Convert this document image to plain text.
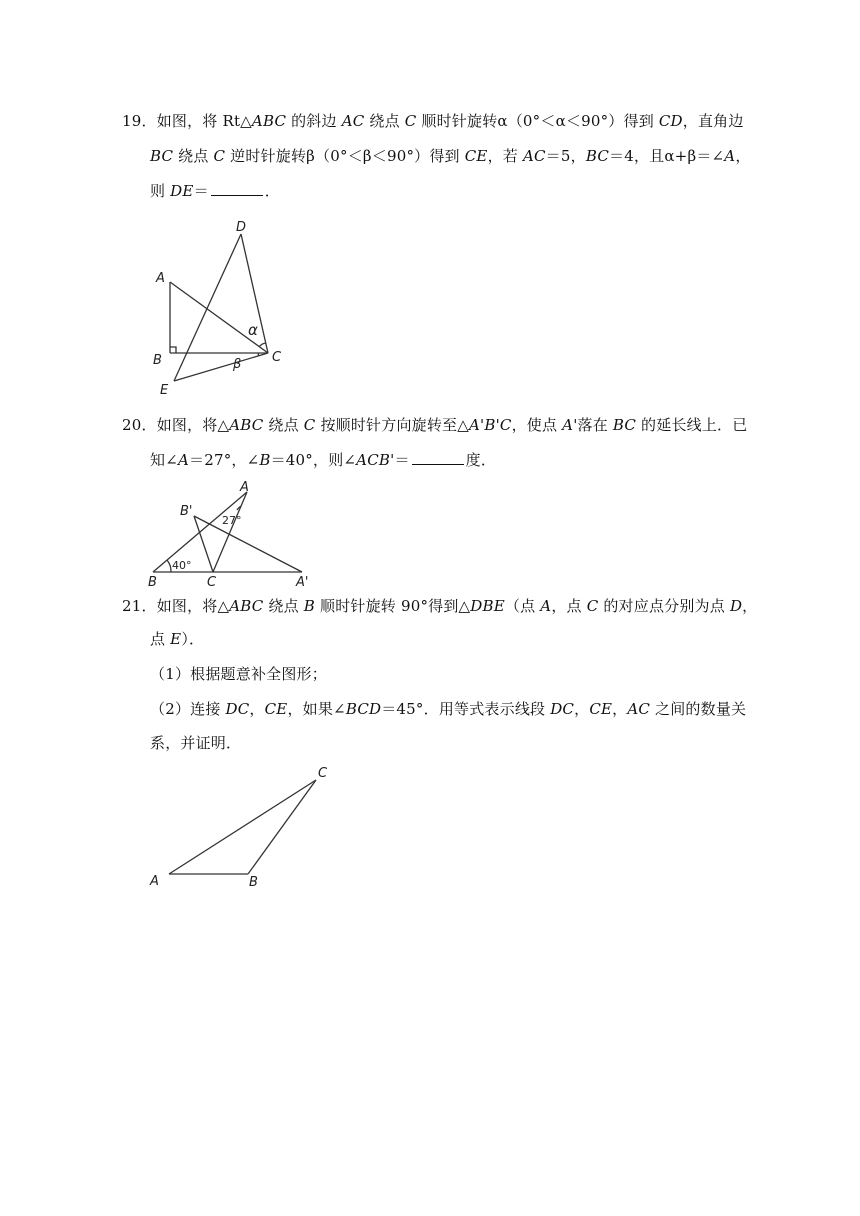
19．如图，将 Rt△ABC 的斜边 AC 绕点 C 顺时针旋转α（0°＜α＜90°）得到 CD，直角边
BC 绕点 C 逆时针旋转β（0°＜β＜90°）得到 CE，若 AC＝5，BC＝4，且α+β＝∠A，
则 DE＝	．
A
B	C
D
E
α
β
20．如图，将△ABC 绕点 C 按顺时针方向旋转至△A'B'C，使点 A'落在 BC 的延长线上．已
知∠A＝27°，∠B＝40°，则∠ACB'＝	度．
A
B	C
B'
A'
27°
40°
21．如图，将△ABC 绕点 B 顺时针旋转 90°得到△DBE（点 A，点 C 的对应点分别为点 D，
点 E）．
（1）根据题意补全图形；
（2）连接 DC，CE，如果∠BCD＝45°．用等式表示线段 DC，CE，AC 之间的数量关
系，并证明．
A	B
C
